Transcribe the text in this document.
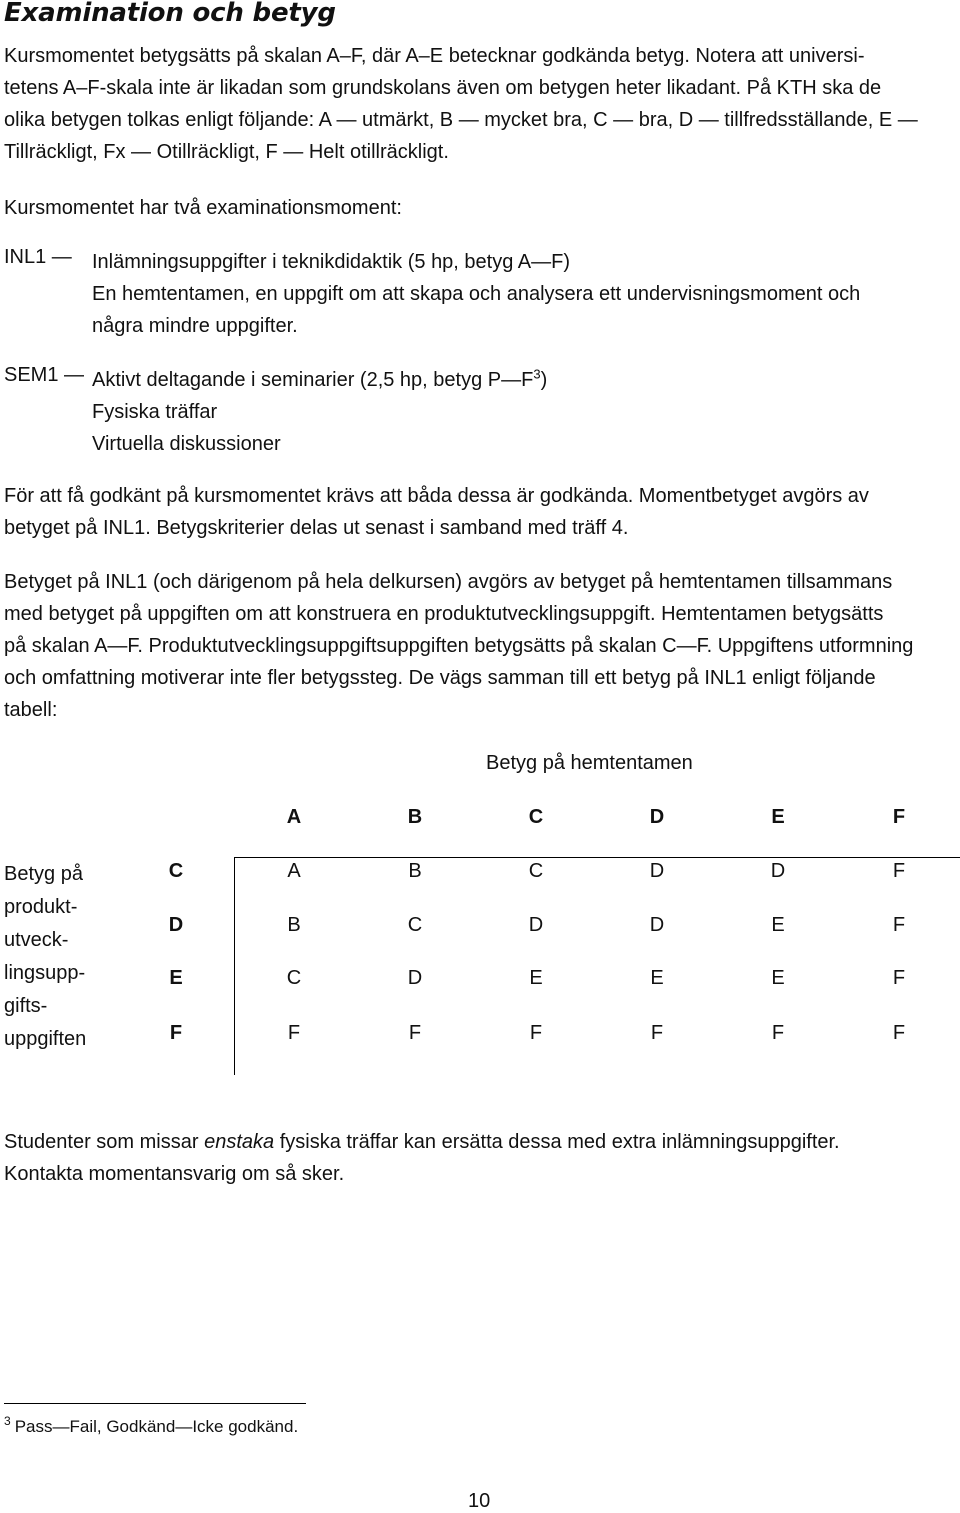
Examination och betyg
Kursmomentet betygsätts på skalan A–F, där A–E betecknar godkända betyg. Notera att universi-
tetens A–F-skala inte är likadan som grundskolans även om betygen heter likadant. På KTH ska de
olika betygen tolkas enligt följande: A — utmärkt, B — mycket bra, C — bra, D — tillfredsställande, E —
Tillräckligt, Fx — Otillräckligt, F — Helt otillräckligt.
Kursmomentet har två examinationsmoment:
INL1 — Inlämningsuppgifter i teknikdidaktik (5 hp, betyg A—F)
En hemtentamen, en uppgift om att skapa och analysera ett undervisningsmoment och
några mindre uppgifter.
SEM1 — Aktivt deltagande i seminarier (2,5 hp, betyg $P—F^3$)
Fysiska träffar
Virtuella diskussioner
För att få godkänt på kursmomentet krävs att båda dessa är godkända. Momentbetyget avgörs av
betyget på INL1. Betygskriterier delas ut senast i samband med träff 4.
Betyget på INL1 (och därigenom på hela delkursen) avgörs av betyget på hemtentamen tillsammans
med betyget på uppgiften om att konstruera en produktutvecklingsuppgift. Hemtentamen betygsätts
på skalan A—F. Produktutvecklingsuppgiftsuppgiften betygsätts på skalan C—F. Uppgiftens utformning
och omfattning motiverar inte fler betygssteg. De vägs samman till ett betyg på INL1 enligt följande
tabell:
Betyg på hemtentamen
A	B	C	D	E	F
Betyg på
produkt-
utveck-
lingsupp-
gifts-
uppgiften
C	A	B	C	D	D	F
D	B	C	D	D	E	F
E	C	D	E	E	E	F
F	F	F	F	F	F	F
Studenter som missar enstaka fysiska träffar kan ersätta dessa med extra inlämningsuppgifter.
Kontakta momentansvarig om så sker.
$^3$ Pass—Fail, Godkänd—Icke godkänd.
10
